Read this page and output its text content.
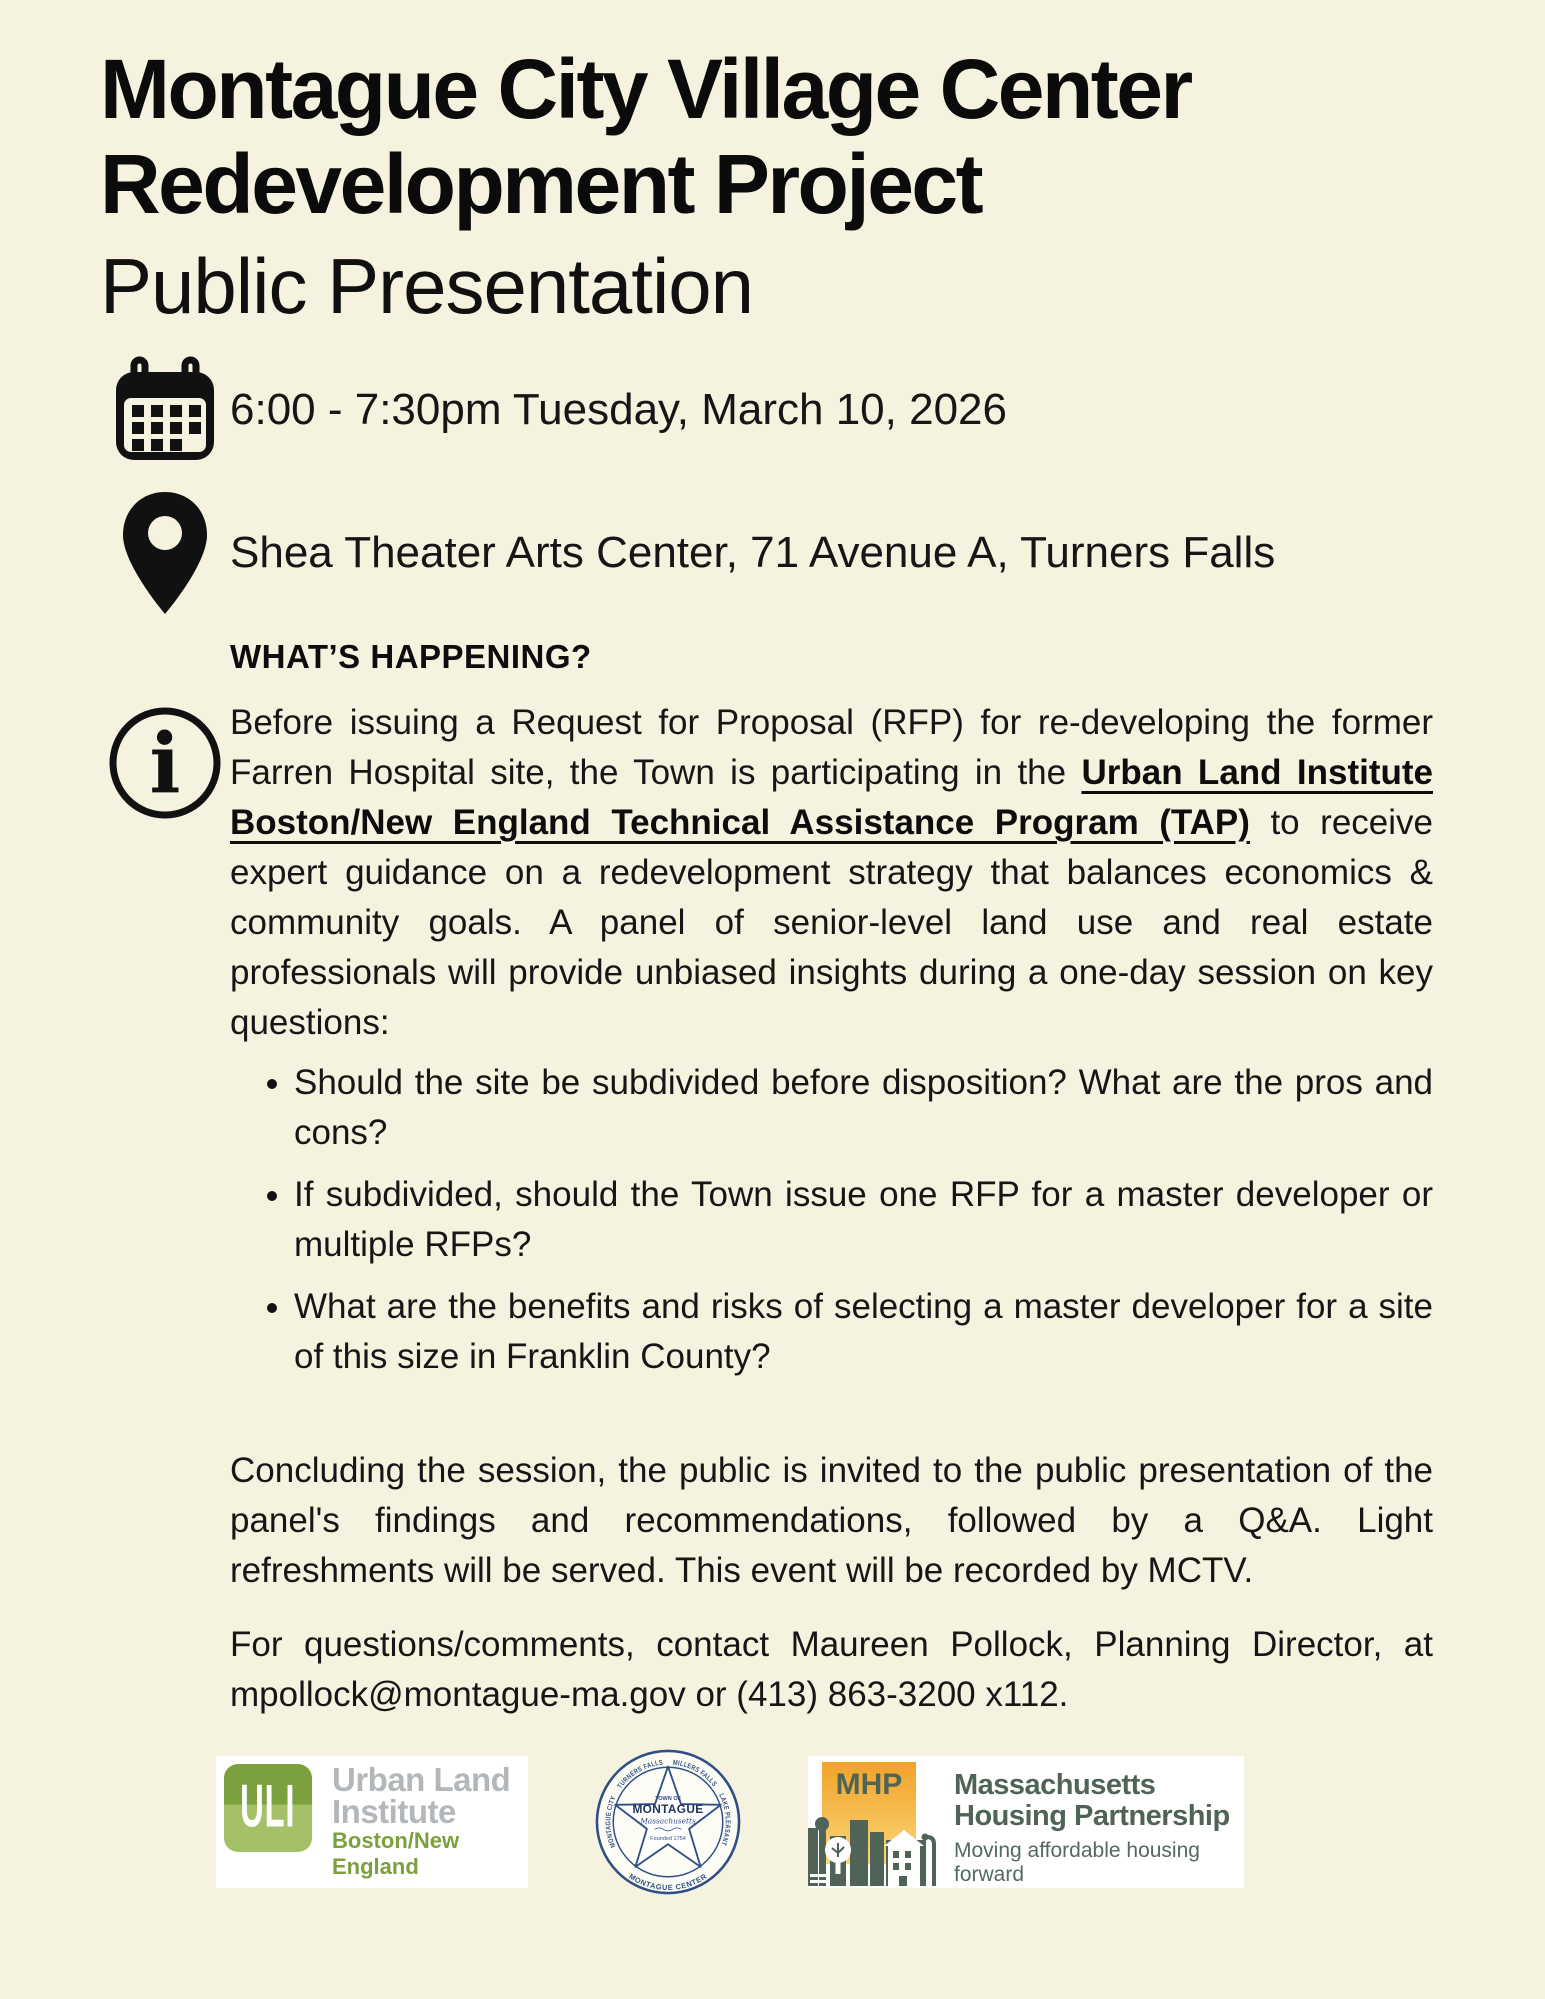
Montague City Village Center
Redevelopment Project
Public Presentation
6:00 - 7:30pm Tuesday, March 10, 2026
Shea Theater Arts Center, 71 Avenue A, Turners Falls
WHAT’S HAPPENING?
i Before issuing a Request for Proposal (RFP) for re-developing the former Farren Hospital site, the Town is participating in the Urban Land Institute Boston/New England Technical Assistance Program (TAP) to receive expert guidance on a redevelopment strategy that balances economics & community goals. A panel of senior-level land use and real estate professionals will provide unbiased insights during a one-day session on key questions:

• Should the site be subdivided before disposition? What are the pros and cons?
• If subdivided, should the Town issue one RFP for a master developer or multiple RFPs?
• What are the benefits and risks of selecting a master developer for a site of this size in Franklin County?

Concluding the session, the public is invited to the public presentation of the panel's findings and recommendations, followed by a Q&A. Light refreshments will be served. This event will be recorded by MCTV.

For questions/comments, contact Maureen Pollock, Planning Director, at mpollock@montague-ma.gov or (413) 863-3200 x112.

ULI Urban Land
Institute
Boston/New England
MONTAGUE CITY     TURNERS FALLS     MILLERS FALLS     LAKE PLEASANT
MONTAGUE CENTER
TOWN OF
MONTAGUE
Massachusetts
Founded 1754
MHP	Massachusetts
Housing Partnership
Moving affordable housing forward
